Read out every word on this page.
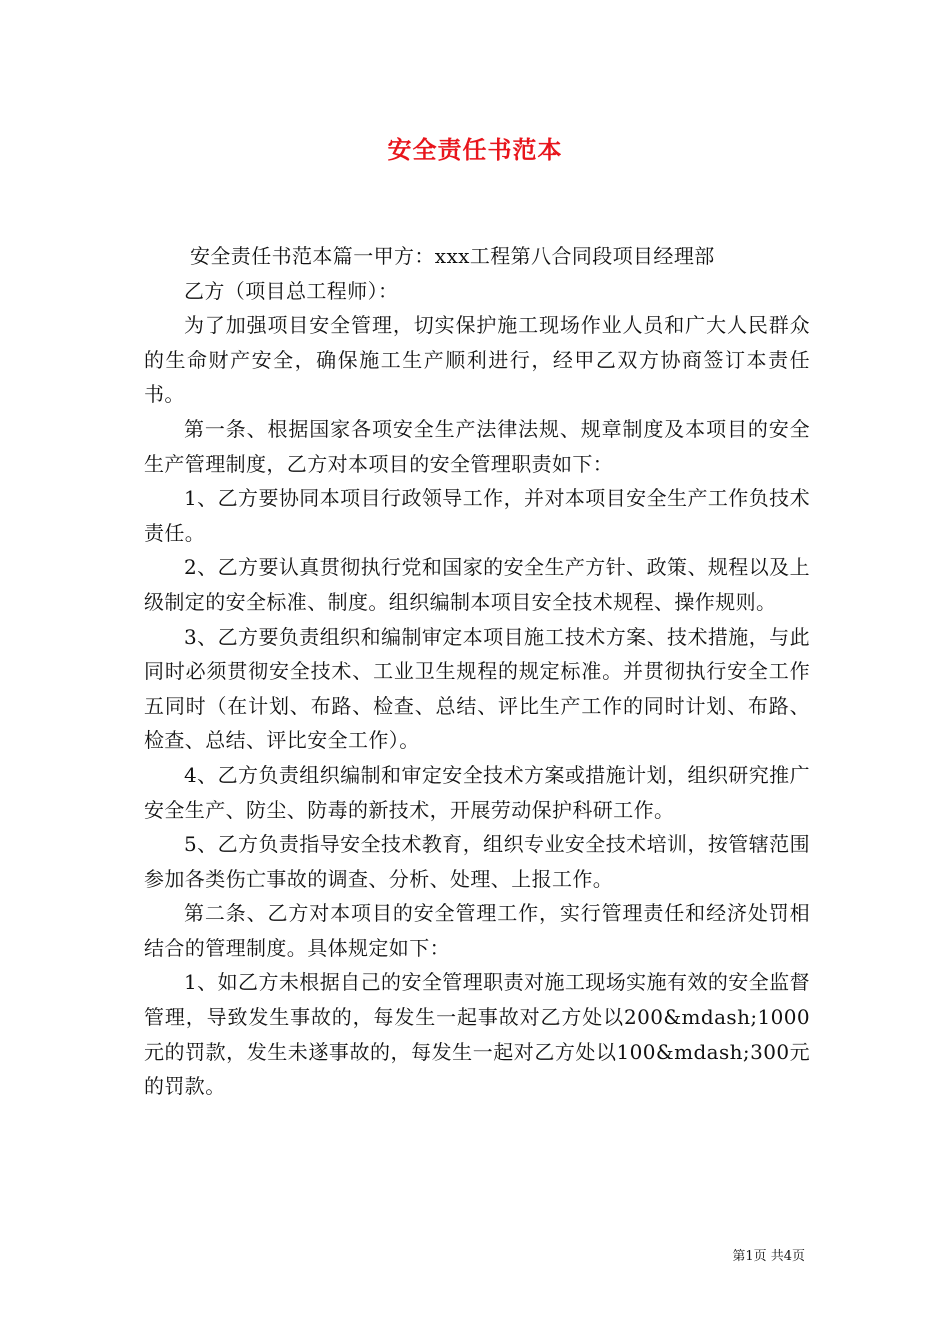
安全责任书范本

安全责任书范本篇一甲方：xxx工程第八合同段项目经理部

乙方（项目总工程师）：

为了加强项目安全管理，切实保护施工现场作业人员和广大人民群众的生命财产安全，确保施工生产顺利进行，经甲乙双方协商签订本责任书。

第一条、根据国家各项安全生产法律法规、规章制度及本项目的安全生产管理制度，乙方对本项目的安全管理职责如下：

1、乙方要协同本项目行政领导工作，并对本项目安全生产工作负技术责任。

2、乙方要认真贯彻执行党和国家的安全生产方针、政策、规程以及上级制定的安全标准、制度。组织编制本项目安全技术规程、操作规则。

3、乙方要负责组织和编制审定本项目施工技术方案、技术措施，与此同时必须贯彻安全技术、工业卫生规程的规定标准。并贯彻执行安全工作五同时（在计划、布路、检查、总结、评比生产工作的同时计划、布路、检查、总结、评比安全工作）。

4、乙方负责组织编制和审定安全技术方案或措施计划，组织研究推广安全生产、防尘、防毒的新技术，开展劳动保护科研工作。

5、乙方负责指导安全技术教育，组织专业安全技术培训，按管辖范围参加各类伤亡事故的调查、分析、处理、上报工作。

第二条、乙方对本项目的安全管理工作，实行管理责任和经济处罚相结合的管理制度。具体规定如下：

1、如乙方未根据自己的安全管理职责对施工现场实施有效的安全监督管理，导致发生事故的，每发生一起事故对乙方处以200&mdash;1000元的罚款，发生未遂事故的，每发生一起对乙方处以100&mdash;300元的罚款。

第1页 共4页
